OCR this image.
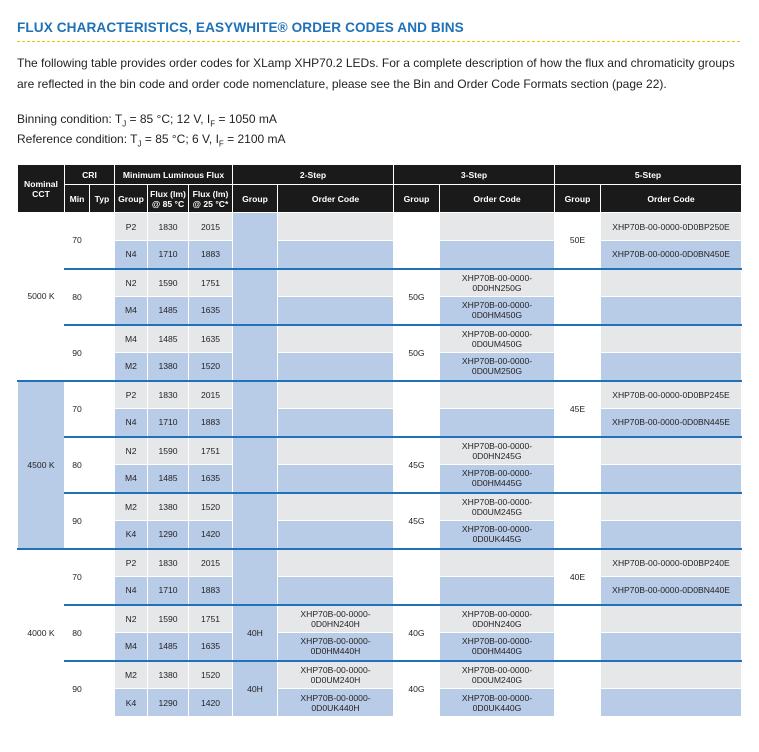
FLUX CHARACTERISTICS, EASYWHITE® ORDER CODES AND BINS
The following table provides order codes for XLamp XHP70.2 LEDs. For a complete description of how the flux and chromaticity groups are reflected in the bin code and order code nomenclature, please see the Bin and Order Code Formats section (page 22).
Binning condition: $T_J = 85$ °C; 12 V, $I_F = 1050$ mA
Reference condition: $T_J = 85$ °C; 6 V, $I_F = 2100$ mA
Nominal CCT	CRI		Minimum Luminous Flux			2-Step		3-Step		5-Step	
	Min	Typ	Group	Flux (lm) @ 85 °C	Flux (lm) @ 25 °C*	Group	Order Code	Group	Order Code	Group	Order Code
5000 K	70		P2	1830	2015					50E	XHP70B-00-0000-0D0BP250E
			N4	1710	1883						XHP70B-00-0000-0D0BN450E
	80		N2	1590	1751			50G	XHP70B-00-0000-0D0HN250G		
			M4	1485	1635				XHP70B-00-0000-0D0HM450G		
	90		M4	1485	1635			50G	XHP70B-00-0000-0D0UM450G		
			M2	1380	1520				XHP70B-00-0000-0D0UM250G		
4500 K	70		P2	1830	2015					45E	XHP70B-00-0000-0D0BP245E
			N4	1710	1883						XHP70B-00-0000-0D0BN445E
	80		N2	1590	1751			45G	XHP70B-00-0000-0D0HN245G		
			M4	1485	1635				XHP70B-00-0000-0D0HM445G		
	90		M2	1380	1520			45G	XHP70B-00-0000-0D0UM245G		
			K4	1290	1420				XHP70B-00-0000-0D0UK445G		
4000 K	70		P2	1830	2015					40E	XHP70B-00-0000-0D0BP240E
			N4	1710	1883						XHP70B-00-0000-0D0BN440E
	80		N2	1590	1751	40H	XHP70B-00-0000-0D0HN240H	40G	XHP70B-00-0000-0D0HN240G		
			M4	1485	1635		XHP70B-00-0000-0D0HM440H		XHP70B-00-0000-0D0HM440G		
	90		M2	1380	1520	40H	XHP70B-00-0000-0D0UM240H	40G	XHP70B-00-0000-0D0UM240G		
			K4	1290	1420		XHP70B-00-0000-0D0UK440H		XHP70B-00-0000-0D0UK440G		
